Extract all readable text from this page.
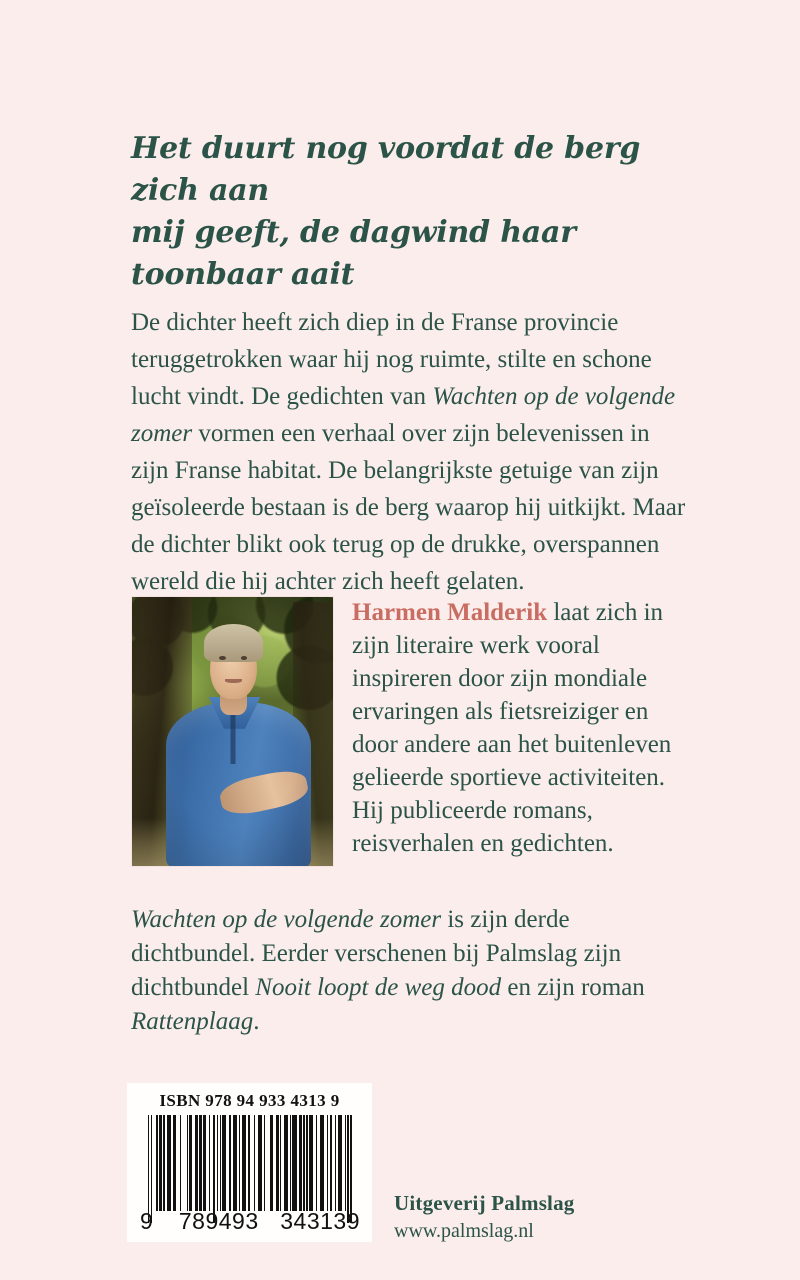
Het duurt nog voordat de berg zich aan
mij geeft, de dagwind haar toonbaar aait

De dichter heeft zich diep in de Franse provincie teruggetrokken waar hij nog ruimte, stilte en schone lucht vindt. De gedichten van Wachten op de volgende zomer vormen een verhaal over zijn belevenissen in zijn Franse habitat. De belangrijkste getuige van zijn geïsoleerde bestaan is de berg waarop hij uitkijkt. Maar de dichter blikt ook terug op de drukke, overspannen wereld die hij achter zich heeft gelaten.

Harmen Malderik laat zich in zijn literaire werk vooral inspireren door zijn mondiale ervaringen als fietsreiziger en door andere aan het buitenleven gelieerde sportieve activiteiten.
Hij publiceerde romans, reisverhalen en gedichten.

Wachten op de volgende zomer is zijn derde dichtbundel. Eerder verschenen bij Palmslag zijn dichtbundel Nooit loopt de weg dood en zijn roman Rattenplaag.

ISBN 978 94 933 4313 9
9 789493 343139
Uitgeverij Palmslag
www.palmslag.nl
